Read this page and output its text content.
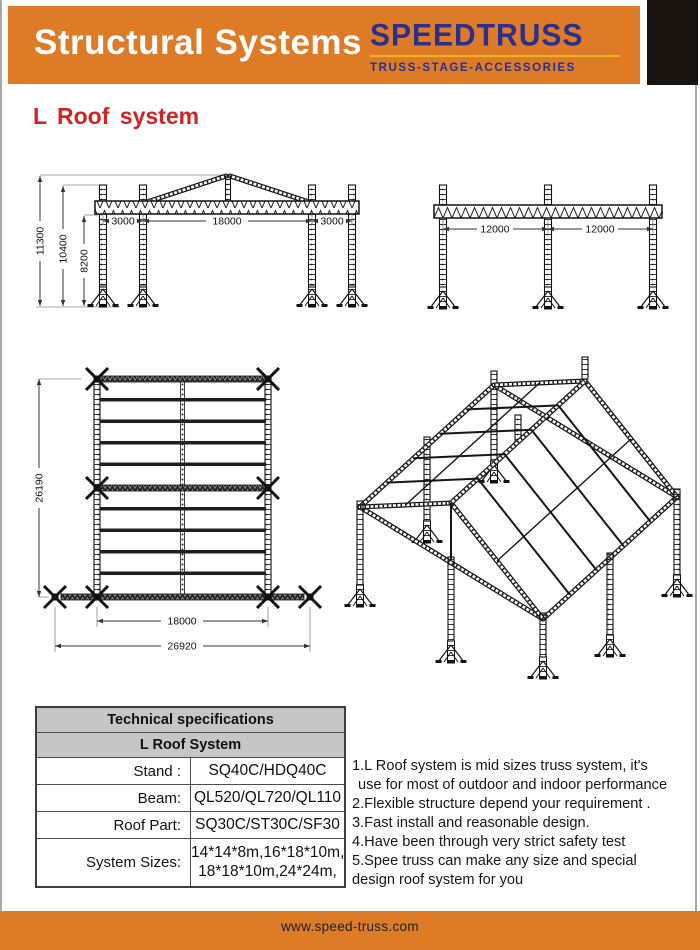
Structural Systems SPEEDTRUSS
TRUSS-STAGE-ACCESSORIES
L Roof system
11300 10400 8200
3000	18000	3000
12000	12000
26190
18000
26920
Technical specifications	
L Roof System	
Stand :	SQ40C/HDQ40C
Beam:	QL520/QL720/QL110
Roof Part:	SQ30C/ST30C/SF30
System Sizes:	14*14*8m,16*18*10m,
18*18*10m,24*24m,
1.L Roof system is mid sizes truss system, it's
use for most of outdoor and indoor performance
2.Flexible structure depend your requirement .
3.Fast install and reasonable design.
4.Have been through very strict safety test
5.Spee truss can make any size and special
design roof system for you
www.speed-truss.com
